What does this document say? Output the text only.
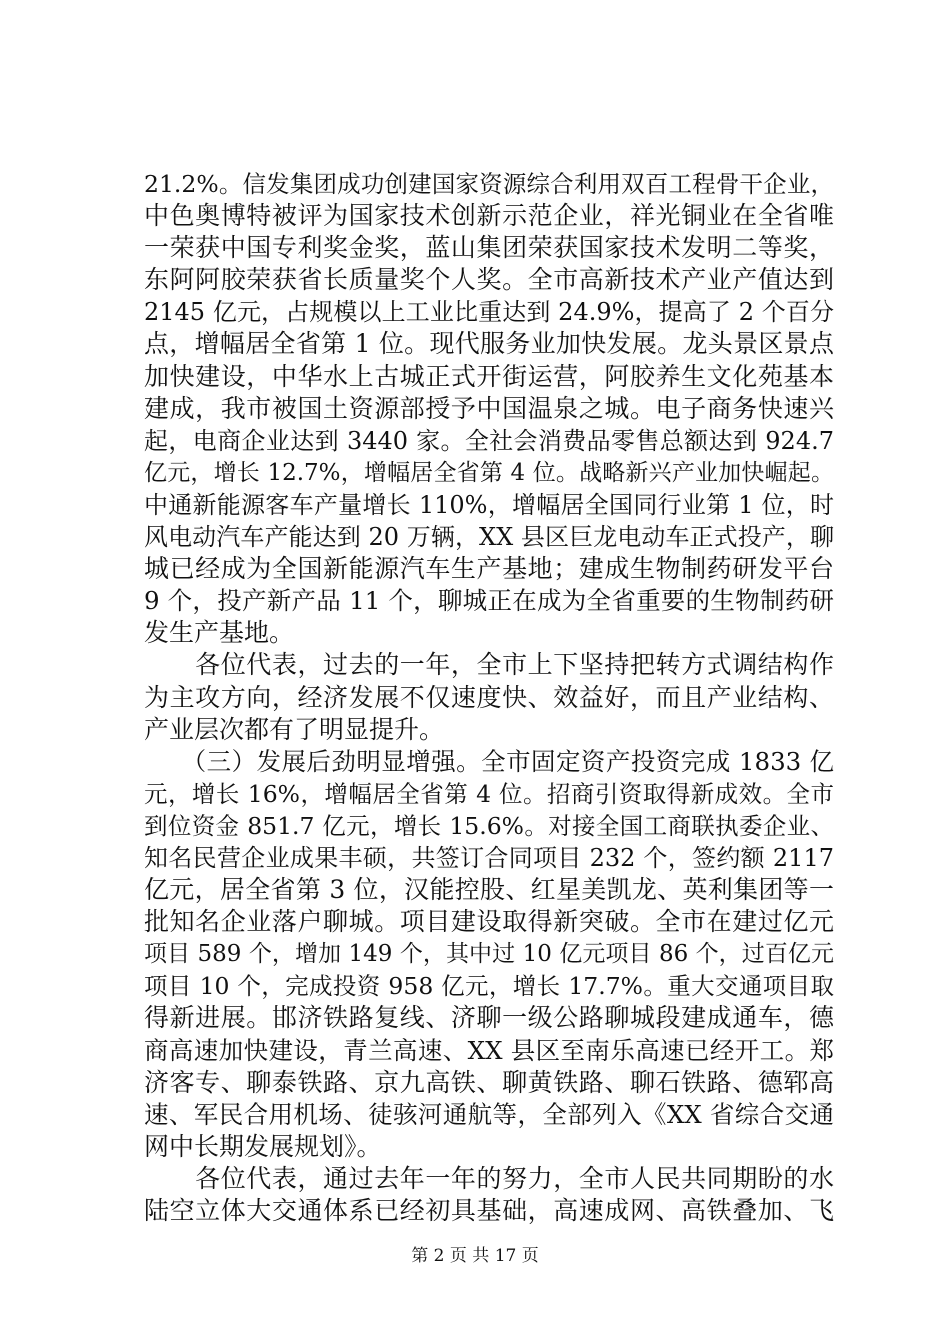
21.2%。信发集团成功创建国家资源综合利用双百工程骨干企业，
中色奥博特被评为国家技术创新示范企业，祥光铜业在全省唯
一荣获中国专利奖金奖，蓝山集团荣获国家技术发明二等奖，
东阿阿胶荣获省长质量奖个人奖。全市高新技术产业产值达到
2145 亿元，占规模以上工业比重达到 24.9%，提高了 2 个百分
点，增幅居全省第 1 位。现代服务业加快发展。龙头景区景点
加快建设，中华水上古城正式开街运营，阿胶养生文化苑基本
建成，我市被国土资源部授予中国温泉之城。电子商务快速兴
起，电商企业达到 3440 家。全社会消费品零售总额达到 924.7
亿元，增长 12.7%，增幅居全省第 4 位。战略新兴产业加快崛起。
中通新能源客车产量增长 110%，增幅居全国同行业第 1 位，时
风电动汽车产能达到 20 万辆，XX 县区巨龙电动车正式投产，聊
城已经成为全国新能源汽车生产基地；建成生物制药研发平台
9 个，投产新产品 11 个，聊城正在成为全省重要的生物制药研
发生产基地。
　　各位代表，过去的一年，全市上下坚持把转方式调结构作
为主攻方向，经济发展不仅速度快、效益好，而且产业结构、
产业层次都有了明显提升。
　　（三）发展后劲明显增强。全市固定资产投资完成 1833 亿
元，增长 16%，增幅居全省第 4 位。招商引资取得新成效。全市
到位资金 851.7 亿元，增长 15.6%。对接全国工商联执委企业、
知名民营企业成果丰硕，共签订合同项目 232 个，签约额 2117
亿元，居全省第 3 位，汉能控股、红星美凯龙、英利集团等一
批知名企业落户聊城。项目建设取得新突破。全市在建过亿元
项目 589 个，增加 149 个，其中过 10 亿元项目 86 个，过百亿元
项目 10 个，完成投资 958 亿元，增长 17.7%。重大交通项目取
得新进展。邯济铁路复线、济聊一级公路聊城段建成通车，德
商高速加快建设，青兰高速、XX 县区至南乐高速已经开工。郑
济客专、聊泰铁路、京九高铁、聊黄铁路、聊石铁路、德郓高
速、军民合用机场、徒骇河通航等，全部列入《XX 省综合交通
网中长期发展规划》。
　　各位代表，通过去年一年的努力，全市人民共同期盼的水
陆空立体大交通体系已经初具基础，高速成网、高铁叠加、飞
第 2 页 共 17 页
